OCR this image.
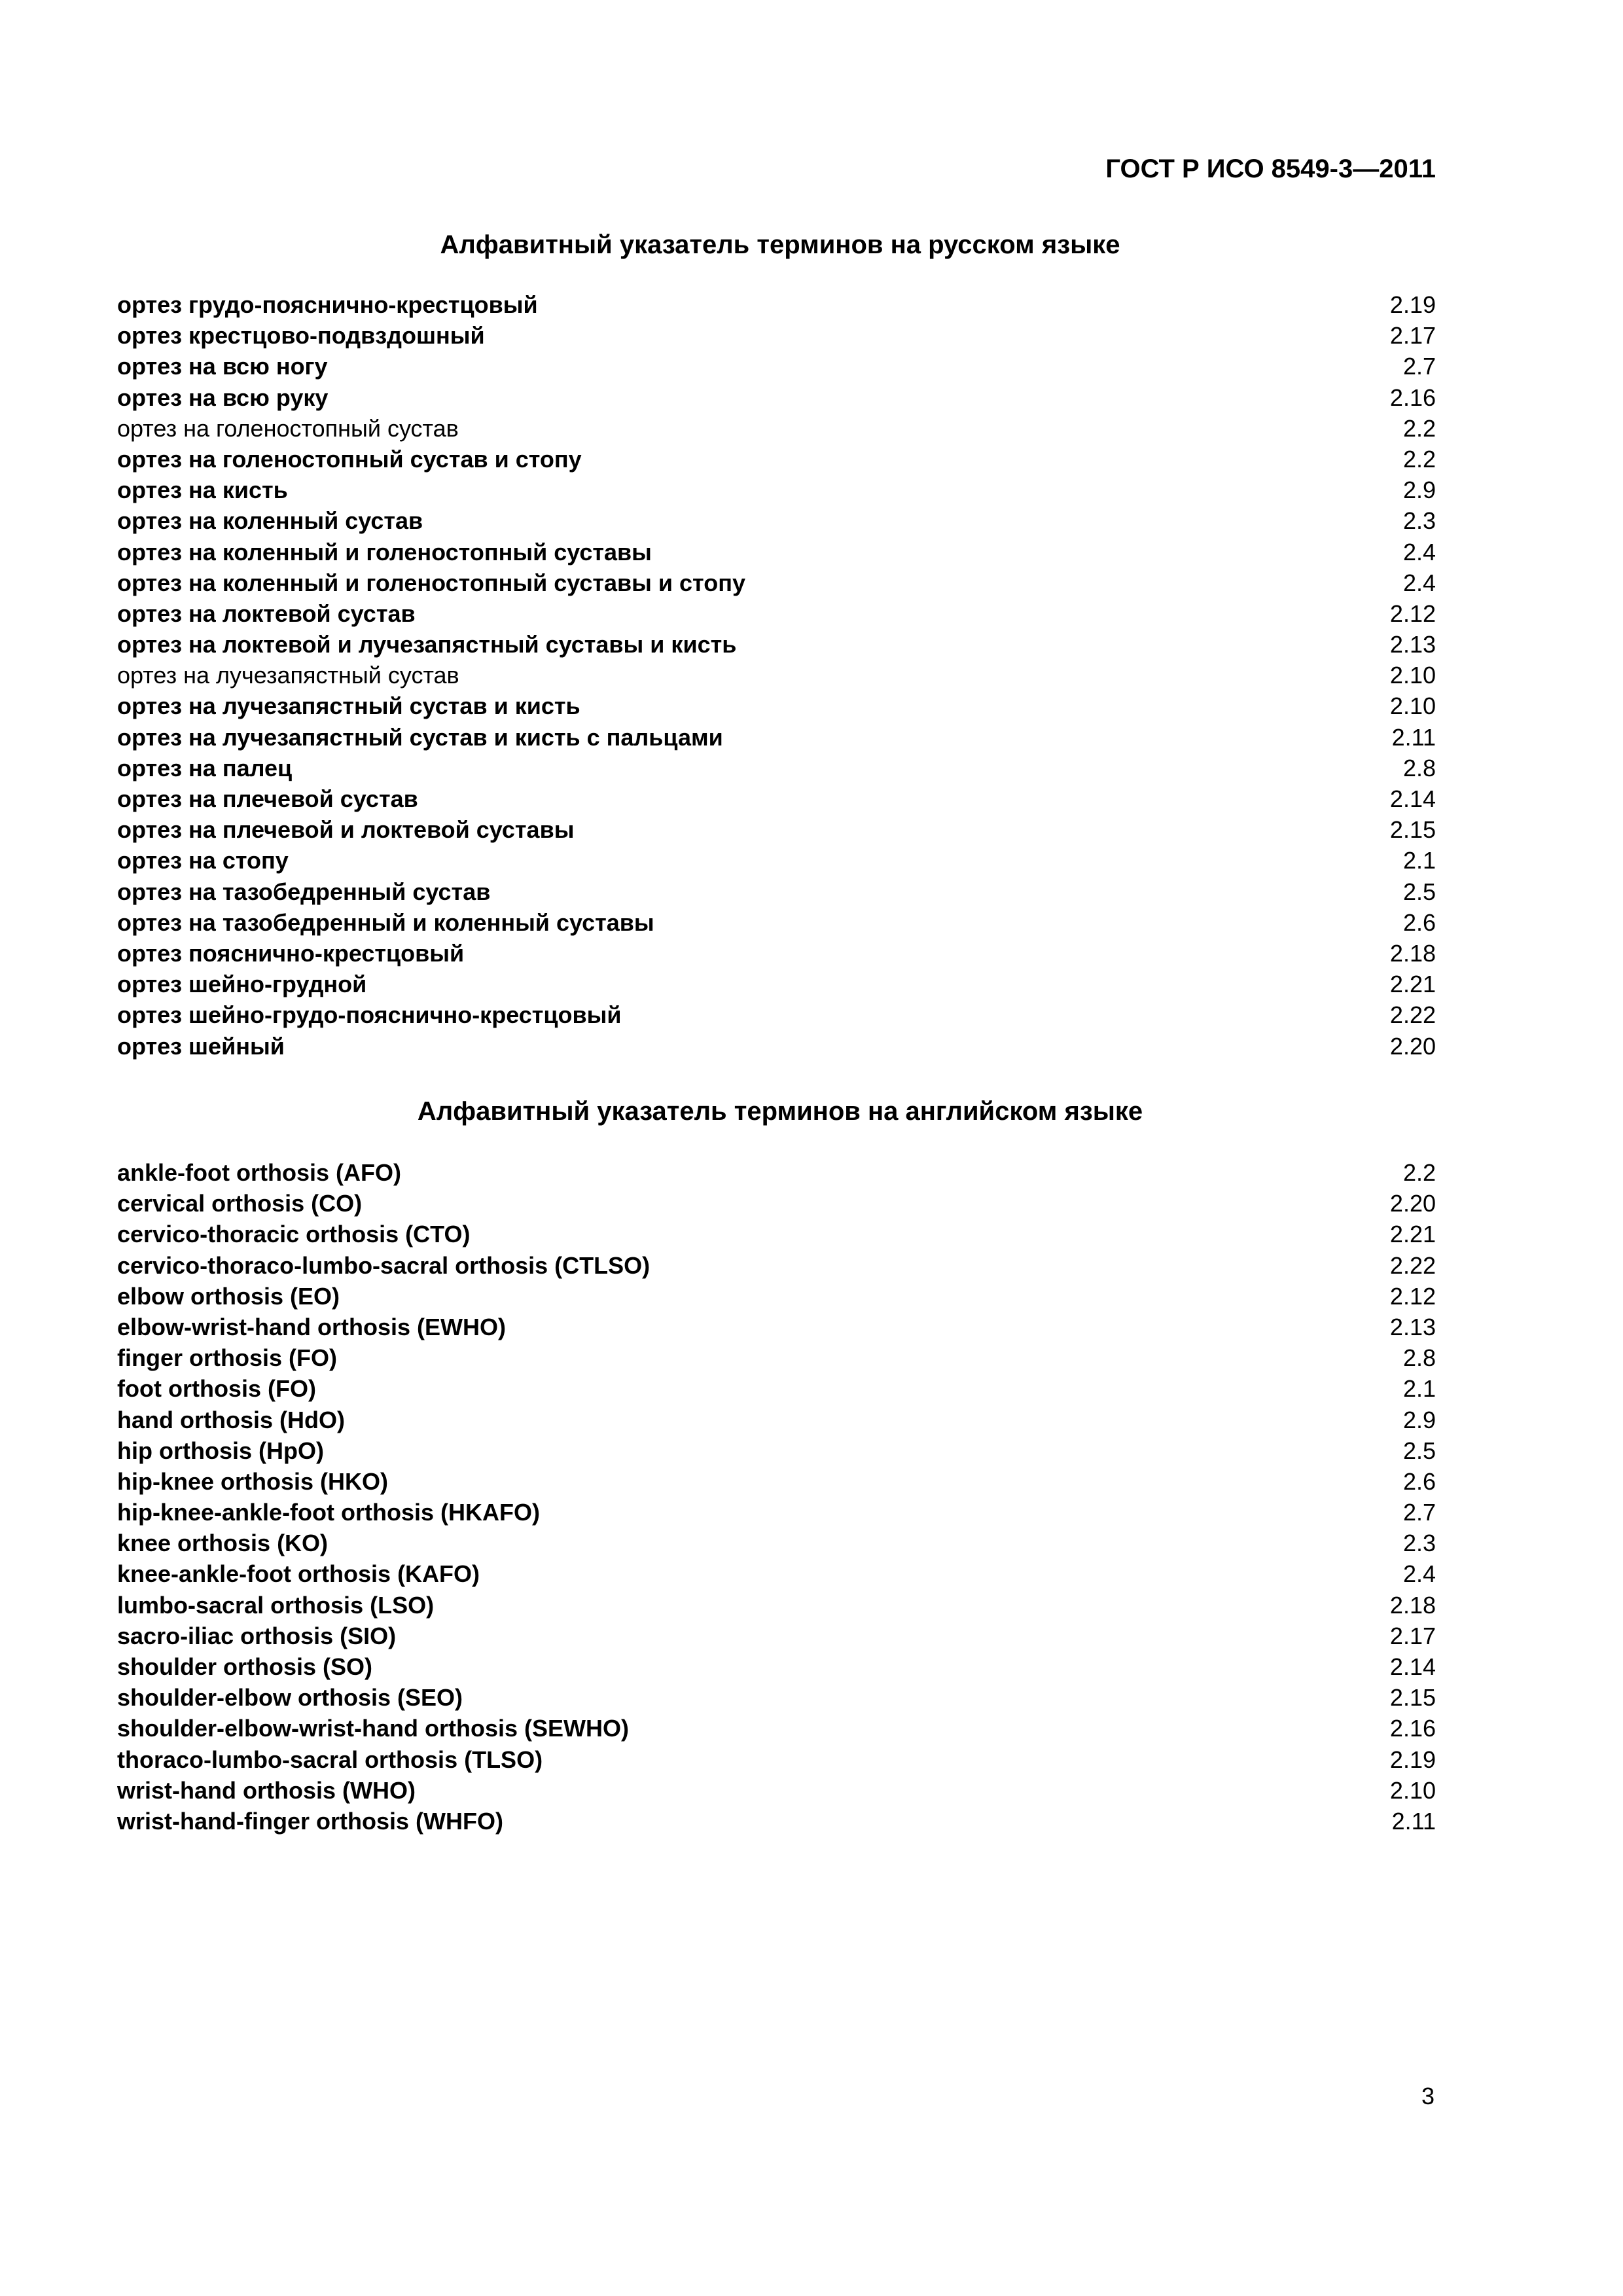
ГОСТ Р ИСО 8549-3—2011
Алфавитный указатель терминов на русском языке
ортез грудо-пояснично-крестцовый	2.19
ортез крестцово-подвздошный	2.17
ортез на всю ногу	2.7
ортез на всю руку	2.16
ортез на голеностопный сустав	2.2
ортез на голеностопный сустав и стопу	2.2
ортез на кисть	2.9
ортез на коленный сустав	2.3
ортез на коленный и голеностопный суставы	2.4
ортез на коленный и голеностопный суставы и стопу	2.4
ортез на локтевой сустав	2.12
ортез на локтевой и лучезапястный суставы и кисть	2.13
ортез на лучезапястный сустав	2.10
ортез на лучезапястный сустав и кисть	2.10
ортез на лучезапястный сустав и кисть с пальцами	2.11
ортез на палец	2.8
ортез на плечевой сустав	2.14
ортез на плечевой и локтевой суставы	2.15
ортез на стопу	2.1
ортез на тазобедренный сустав	2.5
ортез на тазобедренный и коленный суставы	2.6
ортез пояснично-крестцовый	2.18
ортез шейно-грудной	2.21
ортез шейно-грудо-пояснично-крестцовый	2.22
ортез шейный	2.20
Алфавитный указатель терминов на английском языке
ankle-foot orthosis (AFO)	2.2
cervical orthosis (CO)	2.20
cervico-thoracic orthosis (CTO)	2.21
cervico-thoraco-lumbo-sacral orthosis (CTLSO)	2.22
elbow orthosis (EO)	2.12
elbow-wrist-hand orthosis (EWHO)	2.13
finger orthosis (FO)	2.8
foot orthosis (FO)	2.1
hand orthosis (HdO)	2.9
hip orthosis (HpO)	2.5
hip-knee orthosis (HKO)	2.6
hip-knee-ankle-foot orthosis (HKAFO)	2.7
knee orthosis (KO)	2.3
knee-ankle-foot orthosis (KAFO)	2.4
lumbo-sacral orthosis (LSO)	2.18
sacro-iliac orthosis (SIO)	2.17
shoulder orthosis (SO)	2.14
shoulder-elbow orthosis (SEO)	2.15
shoulder-elbow-wrist-hand orthosis (SEWHO)	2.16
thoraco-lumbo-sacral orthosis (TLSO)	2.19
wrist-hand orthosis (WHO)	2.10
wrist-hand-finger orthosis (WHFO)	2.11
3
